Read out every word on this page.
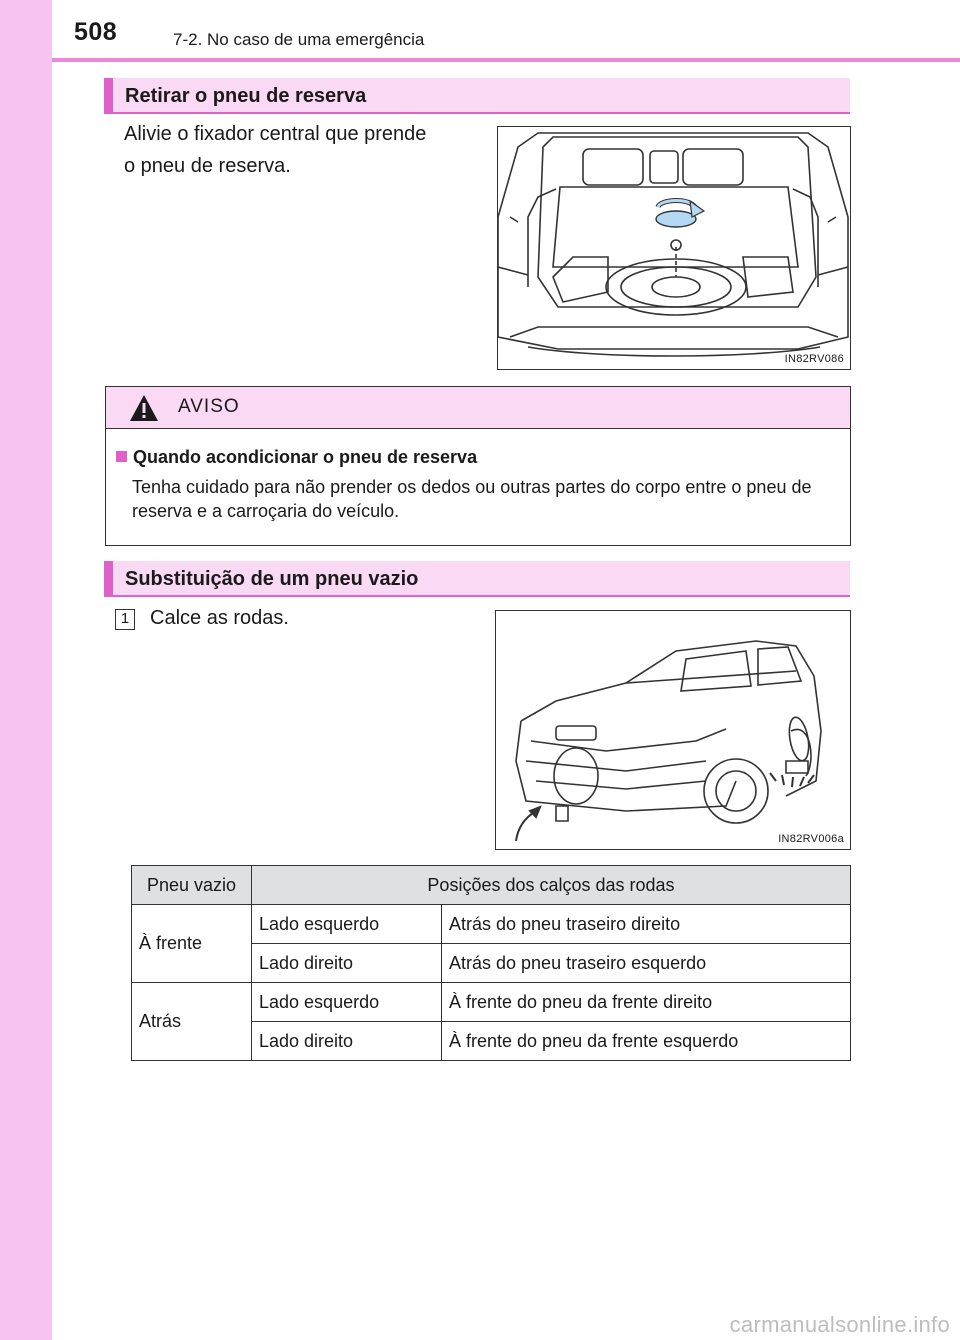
508	7-2. No caso de uma emergência
Retirar o pneu de reserva
Alivie o fixador central que prende
o pneu de reserva.
IN82RV086
AVISO
Quando acondicionar o pneu de reserva
Tenha cuidado para não prender os dedos ou outras partes do corpo entre o pneu de reserva e a carroçaria do veículo.
Substituição de um pneu vazio
1 Calce as rodas.
IN82RV006a
Pneu vazio	Posições dos calços das rodas	
À frente	Lado esquerdo	Atrás do pneu traseiro direito
	Lado direito	Atrás do pneu traseiro esquerdo
Atrás	Lado esquerdo	À frente do pneu da frente direito
	Lado direito	À frente do pneu da frente esquerdo
carmanualsonline.info
